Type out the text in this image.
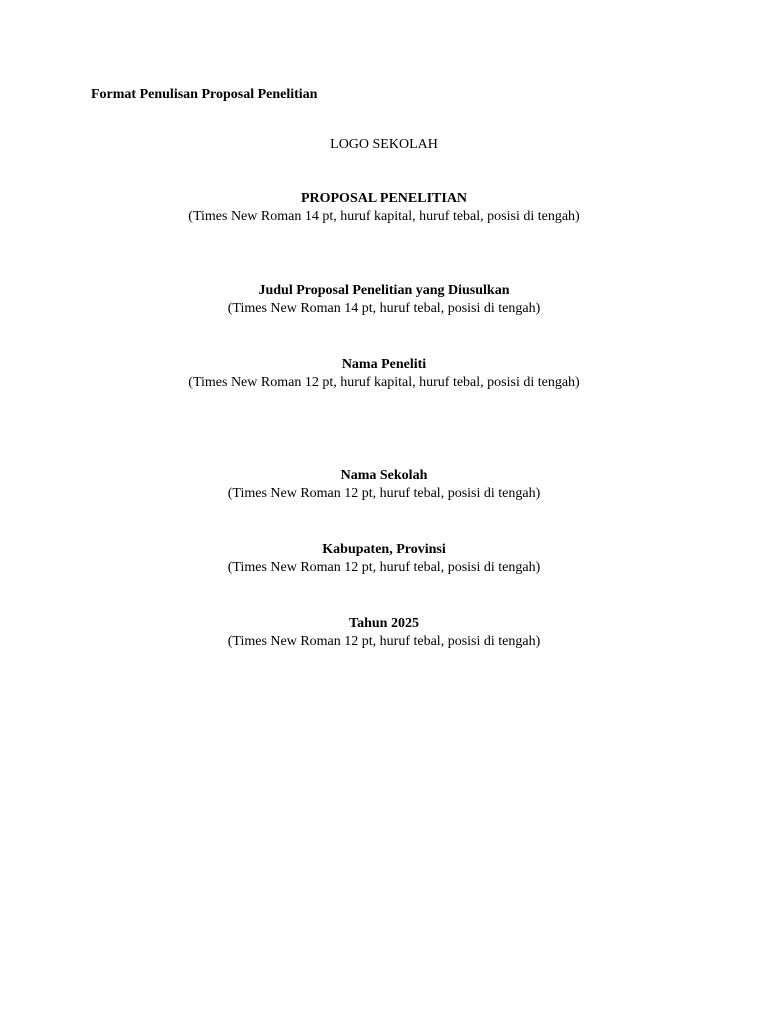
Format Penulisan Proposal Penelitian
LOGO SEKOLAH
PROPOSAL PENELITIAN
(Times New Roman 14 pt, huruf kapital, huruf tebal, posisi di tengah)
Judul Proposal Penelitian yang Diusulkan
(Times New Roman 14 pt, huruf tebal, posisi di tengah)
Nama Peneliti
(Times New Roman 12 pt, huruf kapital, huruf tebal, posisi di tengah)
Nama Sekolah
(Times New Roman 12 pt, huruf tebal, posisi di tengah)
Kabupaten, Provinsi
(Times New Roman 12 pt, huruf tebal, posisi di tengah)
Tahun 2025
(Times New Roman 12 pt, huruf tebal, posisi di tengah)
